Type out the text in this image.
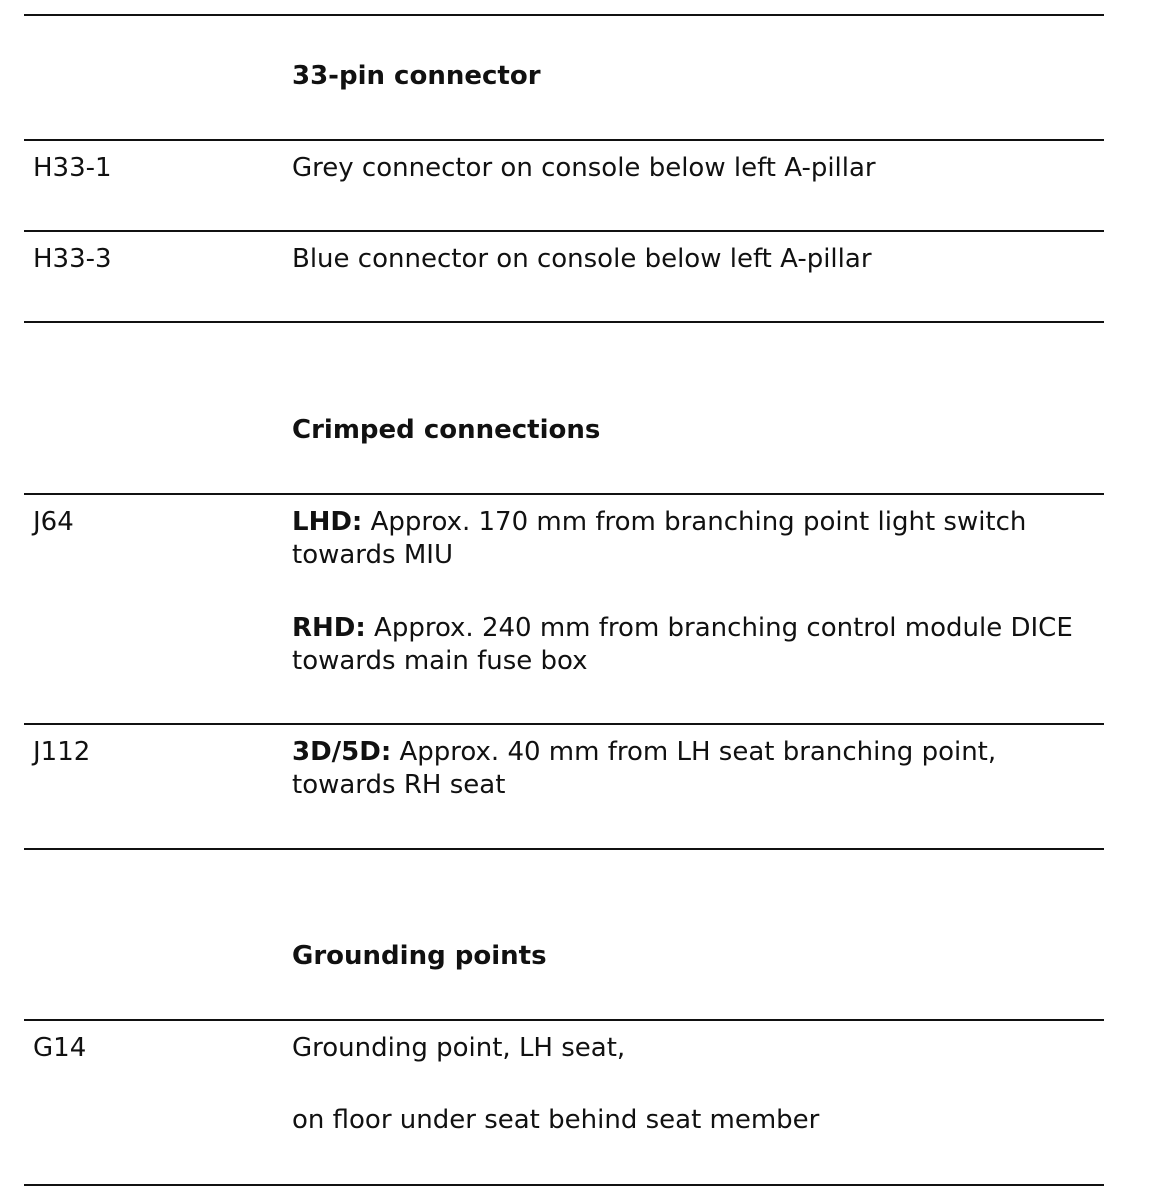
33-pin connector
H33-1	Grey connector on console below left A-pillar
H33-3	Blue connector on console below left A-pillar
Crimped connections
J64	LHD: Approx. 170 mm from branching point light switch towards MIU
RHD: Approx. 240 mm from branching control module DICE towards main fuse box
J112	3D/5D: Approx. 40 mm from LH seat branching point, towards RH seat
Grounding points
G14	Grounding point, LH seat,
on floor under seat behind seat member
